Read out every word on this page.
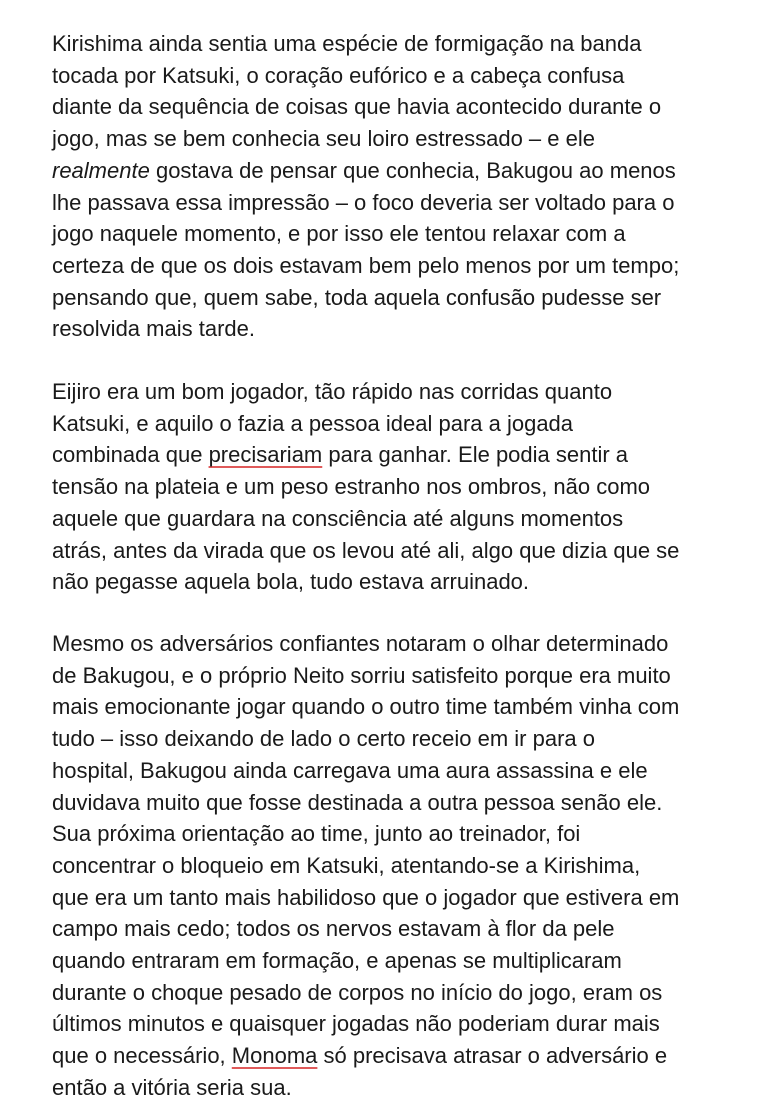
Kirishima ainda sentia uma espécie de formigação na banda
tocada por Katsuki, o coração eufórico e a cabeça confusa
diante da sequência de coisas que havia acontecido durante o
jogo, mas se bem conhecia seu loiro estressado – e ele
realmente gostava de pensar que conhecia, Bakugou ao menos
lhe passava essa impressão – o foco deveria ser voltado para o
jogo naquele momento, e por isso ele tentou relaxar com a
certeza de que os dois estavam bem pelo menos por um tempo;
pensando que, quem sabe, toda aquela confusão pudesse ser
resolvida mais tarde.

Eijiro era um bom jogador, tão rápido nas corridas quanto
Katsuki, e aquilo o fazia a pessoa ideal para a jogada
combinada que precisariam para ganhar. Ele podia sentir a
tensão na plateia e um peso estranho nos ombros, não como
aquele que guardara na consciência até alguns momentos
atrás, antes da virada que os levou até ali, algo que dizia que se
não pegasse aquela bola, tudo estava arruinado.

Mesmo os adversários confiantes notaram o olhar determinado
de Bakugou, e o próprio Neito sorriu satisfeito porque era muito
mais emocionante jogar quando o outro time também vinha com
tudo – isso deixando de lado o certo receio em ir para o
hospital, Bakugou ainda carregava uma aura assassina e ele
duvidava muito que fosse destinada a outra pessoa senão ele.
Sua próxima orientação ao time, junto ao treinador, foi
concentrar o bloqueio em Katsuki, atentando-se a Kirishima,
que era um tanto mais habilidoso que o jogador que estivera em
campo mais cedo; todos os nervos estavam à flor da pele
quando entraram em formação, e apenas se multiplicaram
durante o choque pesado de corpos no início do jogo, eram os
últimos minutos e quaisquer jogadas não poderiam durar mais
que o necessário, Monoma só precisava atrasar o adversário e
então a vitória seria sua.
